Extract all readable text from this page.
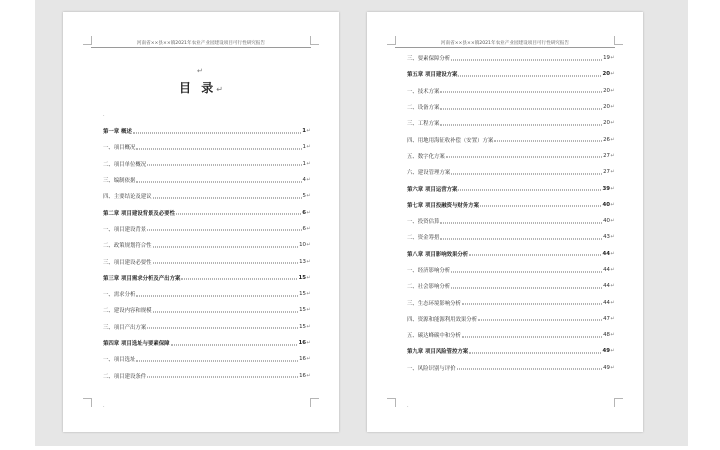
河南省××县××镇2021年农业产业园建设项目可行性研究报告
↵
目 录↵
·
第一章 概述	1 ↵
一、项目概况	1 ↵
二、项目单位概况	1 ↵
三、编制依据	4 ↵
四、主要结论及建议	5 ↵
第二章 项目建设背景及必要性	6 ↵
一、项目建设背景	6 ↵
二、政策规划符合性	10 ↵
三、项目建设必要性	13 ↵
第三章 项目需求分析及产出方案	15 ↵
一、需求分析	15 ↵
二、建设内容和规模	15 ↵
三、项目产出方案	15 ↵
第四章 项目选址与要素保障	16 ↵
一、项目选址	16 ↵
二、项目建设条件	16 ↵
·
河南省××县××镇2021年农业产业园建设项目可行性研究报告
三、要素保障分析	19 ↵
第五章 项目建设方案	20 ↵
一、技术方案	20 ↵
二、设备方案	20 ↵
三、工程方案	20 ↵
四、用地用海征收补偿（安置）方案	26 ↵
五、数字化方案	27 ↵
六、建设管理方案	27 ↵
第六章 项目运营方案	39 ↵
第七章 项目投融资与财务方案	40 ↵
一、投资估算	40 ↵
二、资金筹措	43 ↵
第八章 项目影响效果分析	44 ↵
一、经济影响分析	44 ↵
二、社会影响分析	44 ↵
三、生态环境影响分析	44 ↵
四、资源和能源利用效果分析	47 ↵
五、碳达峰碳中和分析	48 ↵
第九章 项目风险管控方案	49 ↵
一、风险识别与评价	49 ↵
·
